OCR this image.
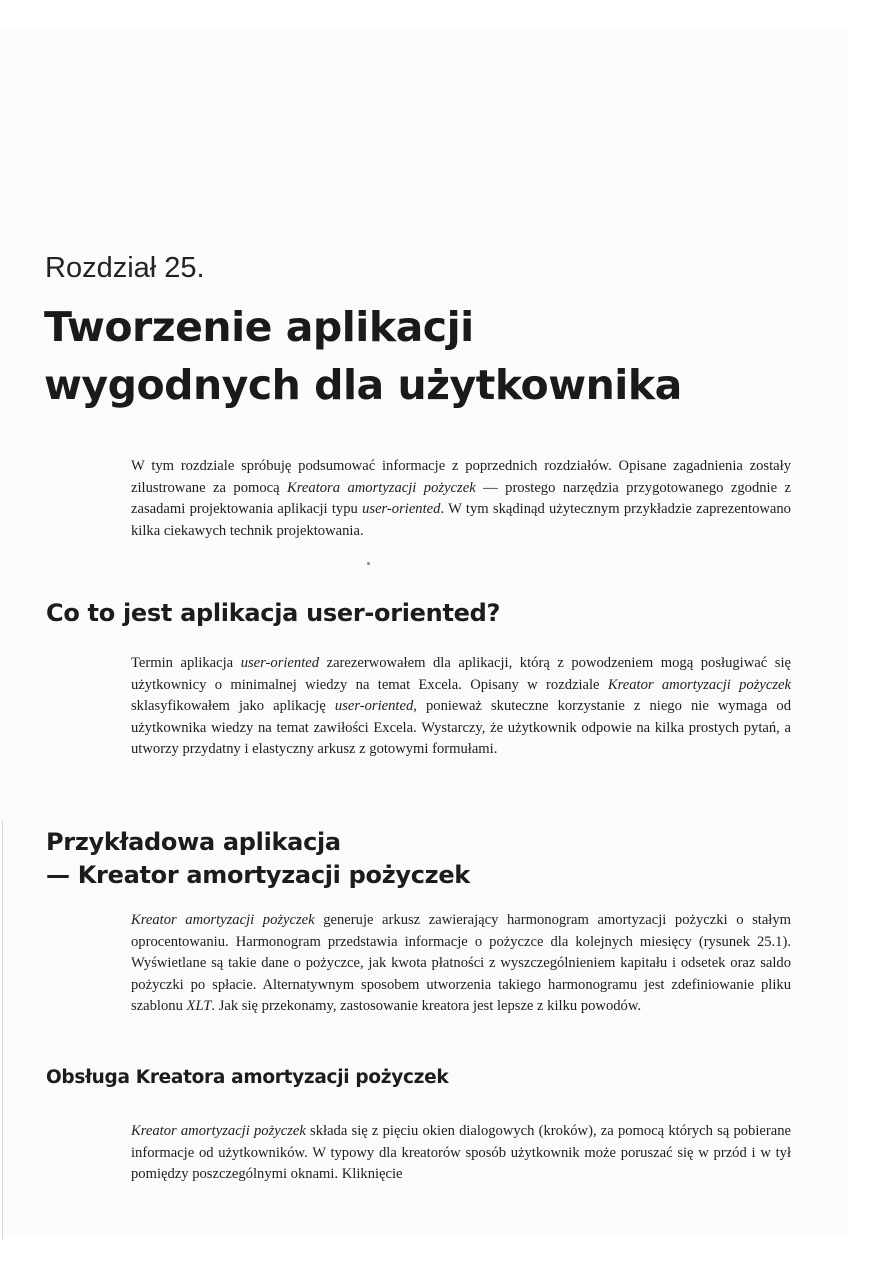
Rozdział 25.
Tworzenie aplikacji
wygodnych dla użytkownika
W tym rozdziale spróbuję podsumować informacje z poprzednich rozdziałów. Opisane zagadnienia zostały zilustrowane za pomocą Kreatora amortyzacji pożyczek — prostego narzędzia przygotowanego zgodnie z zasadami projektowania aplikacji typu user-oriented. W tym skądinąd użytecznym przykładzie zaprezentowano kilka ciekawych technik projektowania.
Co to jest aplikacja user-oriented?
Termin aplikacja user-oriented zarezerwowałem dla aplikacji, którą z powodzeniem mogą posługiwać się użytkownicy o minimalnej wiedzy na temat Excela. Opisany w rozdziale Kreator amortyzacji pożyczek sklasyfikowałem jako aplikację user-oriented, ponieważ skuteczne korzystanie z niego nie wymaga od użytkownika wiedzy na temat zawiłości Excela. Wystarczy, że użytkownik odpowie na kilka prostych pytań, a utworzy przydatny i elastyczny arkusz z gotowymi formułami.
Przykładowa aplikacja
— Kreator amortyzacji pożyczek
Kreator amortyzacji pożyczek generuje arkusz zawierający harmonogram amortyzacji pożyczki o stałym oprocentowaniu. Harmonogram przedstawia informacje o pożyczce dla kolejnych miesięcy (rysunek 25.1). Wyświetlane są takie dane o pożyczce, jak kwota płatności z wyszczególnieniem kapitału i odsetek oraz saldo pożyczki po spłacie. Alternatywnym sposobem utworzenia takiego harmonogramu jest zdefiniowanie pliku szablonu XLT. Jak się przekonamy, zastosowanie kreatora jest lepsze z kilku powodów.
Obsługa Kreatora amortyzacji pożyczek
Kreator amortyzacji pożyczek składa się z pięciu okien dialogowych (kroków), za pomocą których są pobierane informacje od użytkowników. W typowy dla kreatorów sposób użytkownik może poruszać się w przód i w tył pomiędzy poszczególnymi oknami. Kliknięcie
